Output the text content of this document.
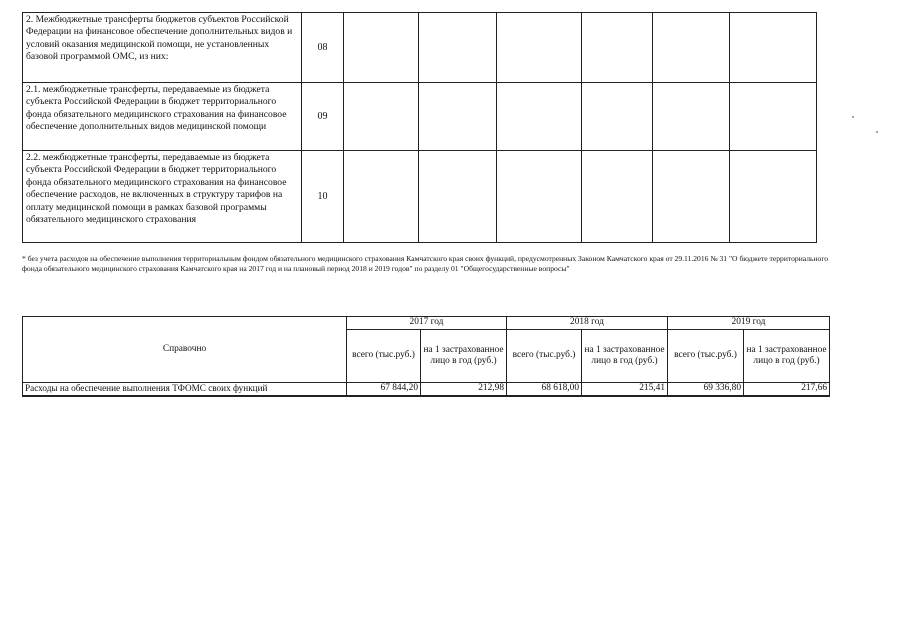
2. Межбюджетные трансферты бюджетов субъектов Российской Федерации на финансовое обеспечение дополнительных видов и условий оказания медицинской помощи, не установленных базовой программой ОМС, из них:	08						
2.1. межбюджетные трансферты, передаваемые из бюджета субъекта Российской Федерации в бюджет территориального фонда обязательного медицинского страхования на финансовое обеспечение дополнительных видов медицинской помощи	09						
2.2. межбюджетные трансферты, передаваемые из бюджета субъекта Российской Федерации в бюджет территориального фонда обязательного медицинского страхования на финансовое обеспечение расходов, не включенных в структуру тарифов на оплату медицинской помощи в рамках базовой программы обязательного медицинского страхования	10						
* без учета расходов на обеспечение выполнения территориальным фондом обязательного медицинского страхования Камчатского края своих функций, предусмотренных Законом Камчатского края от 29.11.2016 № 31 "О бюджете территориального фонда обязательного медицинского страхования Камчатского края на 2017 год и на плановый период 2018 и 2019 годов" по разделу 01 "Общегосударственные вопросы"
Справочно	2017 год		2018 год		2019 год	
	всего (тыс.руб.)	на 1 застрахованное лицо в год (руб.)	всего (тыс.руб.)	на 1 застрахованное лицо в год (руб.)	всего (тыс.руб.)	на 1 застрахованное лицо в год (руб.)
Расходы на обеспечение выполнения ТФОМС своих функций	67 844,20	212,98	68 618,00	215,41	69 336,80	217,66
